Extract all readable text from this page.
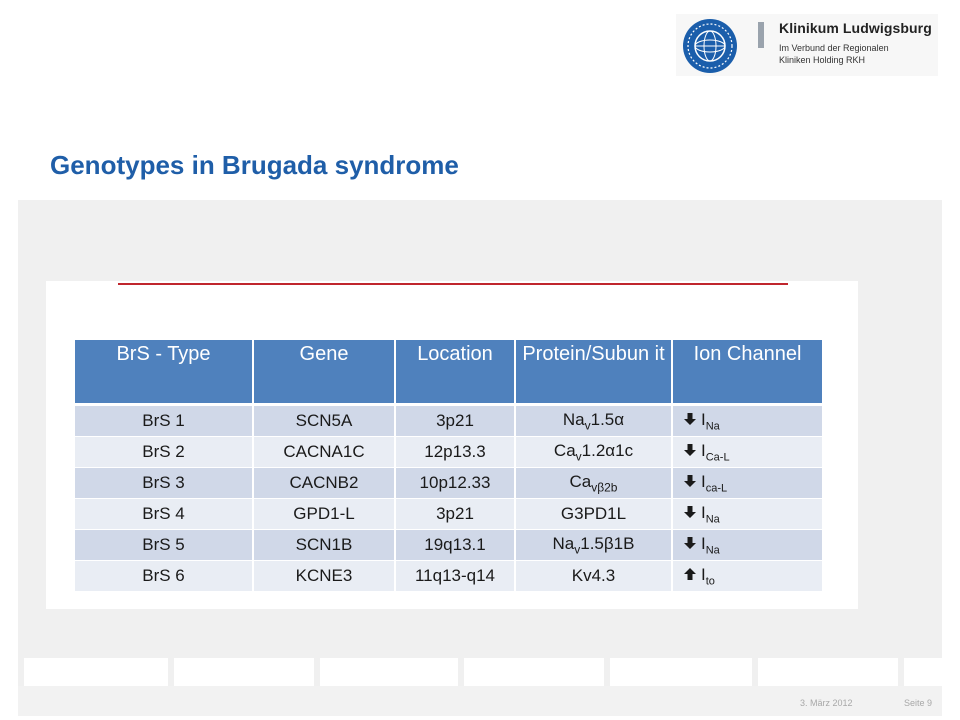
Klinikum Ludwigsburg
Im Verbund der Regionalen
Kliniken Holding RKH
Genotypes in Brugada syndrome
BrS - Type	Gene	Location	Protein/Subun it	Ion Channel
BrS 1	SCN5A	3p21	$Na_v1.5\alpha$	$I_{Na}$
BrS 2	CACNA1C	12p13.3	$Ca_v1.2\alpha 1c$	$I_{Ca-L}$
BrS 3	CACNB2	10p12.33	$Ca_{v\beta 2b}$	$I_{ca-L}$
BrS 4	GPD1-L	3p21	G3PD1L	$I_{Na}$
BrS 5	SCN1B	19q13.1	$Na_v1.5\beta 1B$	$I_{Na}$
BrS 6	KCNE3	11q13-q14	Kv4.3	$I_{to}$
3. März 2012	Seite 9
